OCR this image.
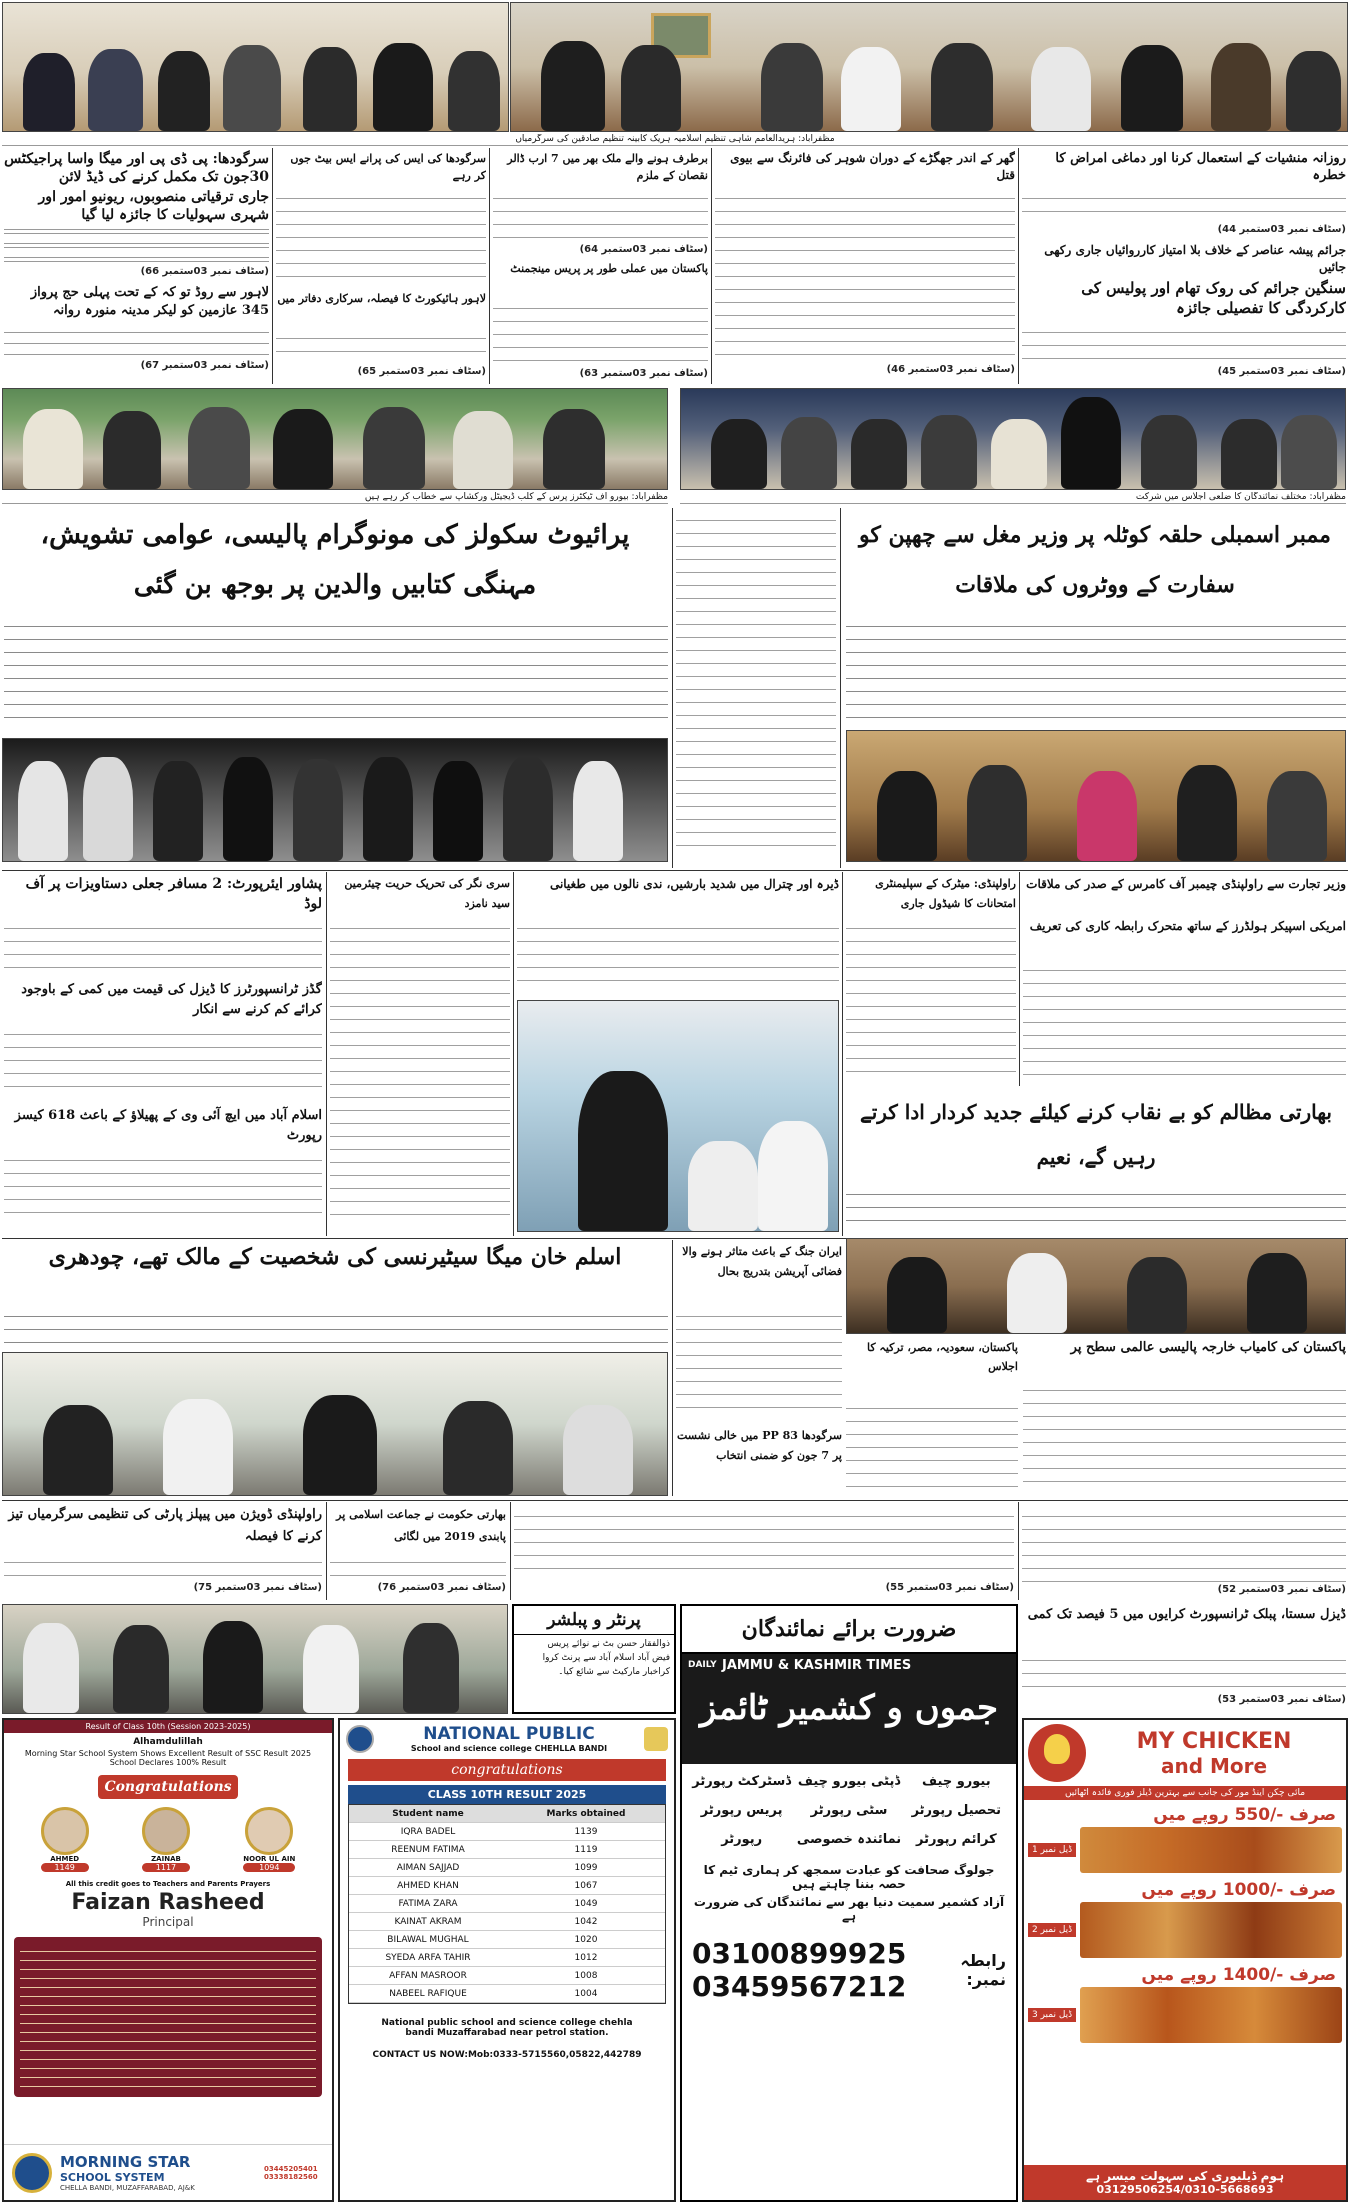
مظفرآباد: ہریدالعامم شاہی تنظیم اسلامیہ ہریک کابینہ تنظیم صادقین کی سرگرمیاں
سرگودھا: پی ڈی پی اور میگا واسا پراجیکٹس 30جون تک مکمل کرنے کی ڈیڈ لائن
جاری ترقیاتی منصوبوں، ریونیو امور اور شہری سہولیات کا جائزہ لیا گیا
(سٹاف نمبر 03ستمبر 66)
لاہور سے روڈ تو کہ کے تحت پہلی حج پرواز 345 عازمین کو لیکر مدینہ منورہ روانہ
(سٹاف نمبر 03ستمبر 67)
سرگودھا کی ایس کی پرانے ایس بیٹ جوں کر رہے
لاہور ہائیکورٹ کا فیصلہ، سرکاری دفاتر میں
(سٹاف نمبر 03ستمبر 65)
برطرف ہونے والے ملک بھر میں 7 ارب ڈالر نقصان کے ملزم
(سٹاف نمبر 03ستمبر 64)
پاکستان میں عملی طور پر پریس مینجمنٹ
(سٹاف نمبر 03ستمبر 63)
گھر کے اندر جھگڑے کے دوران شوہر کی فائرنگ سے بیوی قتل
(سٹاف نمبر 03ستمبر 46)
روزانہ منشیات کے استعمال کرنا اور دماغی امراض کا خطرہ
(سٹاف نمبر 03ستمبر 44)
جرائم پیشہ عناصر کے خلاف بلا امتیاز کارروائیاں جاری رکھی جائیں
سنگین جرائم کی روک تھام اور پولیس کی کارکردگی کا تفصیلی جائزہ
(سٹاف نمبر 03ستمبر 45)
مظفرآباد: بیورو آف ٹیکٹرز پرس کے کلب ڈیجیٹل ورکشاپ سے خطاب کر رہے ہیں	مظفرآباد: مختلف نمائندگان کا ضلعی اجلاس میں شرکت
پرائیوٹ سکولز کی مونوگرام پالیسی، عوامی تشویش، مہنگی کتابیں والدین پر بوجھ بن گئی
ممبر اسمبلی حلقہ کوٹلہ پر وزیر مغل سے چھپن کو سفارت کے ووٹروں کی ملاقات
پشاور ایئرپورٹ: 2 مسافر جعلی دستاویزات پر آف لوڈ
گڈز ٹرانسپورٹرز کا ڈیزل کی قیمت میں کمی کے باوجود کرائے کم کرنے سے انکار
اسلام آباد میں ایچ آئی وی کے پھیلاؤ کے باعث 618 کیسز رپورٹ
سری نگر کی تحریک حریت چیئرمین سید نامزد
ڈیرہ اور چترال میں شدید بارشیں، ندی نالوں میں طغیانی	راولپنڈی: میٹرک کے سپلیمنٹری امتحانات کا شیڈول جاری
وزیر تجارت سے راولپنڈی چیمبر آف کامرس کے صدر کی ملاقات
امریکی اسپیکر ہولڈرز کے ساتھ متحرک رابطہ کاری کی تعریف
بھارتی مظالم کو بے نقاب کرنے کیلئے جدید کردار ادا کرتے رہیں گے، نعیم
اسلم خان میگا سیٹیرنسی کی شخصیت کے مالک تھے، چودھری	ایران جنگ کے باعث متاثر ہونے والا فضائی آپریشن بتدریج بحال
سرگودھا PP 83 میں خالی نشست پر 7 جون کو ضمنی انتخاب
پاکستان کی کامیاب خارجہ پالیسی عالمی سطح پر
پاکستان، سعودیہ، مصر، ترکیہ کا اجلاس
راولپنڈی ڈویژن میں پیپلز پارٹی کی تنظیمی سرگرمیاں تیز کرنے کا فیصلہ
(سٹاف نمبر 03ستمبر 75)
بھارتی حکومت نے جماعت اسلامی پر پابندی 2019 میں لگائی
(سٹاف نمبر 03ستمبر 76)	(سٹاف نمبر 03ستمبر 55)	(سٹاف نمبر 03ستمبر 52)
پرنٹر و پبلشر
ذوالفقار حسن بٹ نے نوائے پریس
فیض آباد اسلام آباد سے پرنٹ کروا
کراخبار مارکیٹ سے شائع کیا۔
ضرورت برائے نمائندگان
DAILY JAMMU & KASHMIR TIMES
جموں و کشمیر ٹائمز
بیورو چیف
ڈپٹی بیورو چیف
ڈسٹرکٹ رپورٹر
تحصیل رپورٹر
سٹی رپورٹر
پریس رپورٹر
کرائم رپورٹر
نمائندہ خصوصی
رپورٹر
جولوگ صحافت کو عبادت سمجھ کر ہماری ٹیم کا حصہ بننا چاہتے ہیں
آزاد کشمیر سمیت دنیا بھر سے نمائندگان کی ضرورت ہے
رابطہ نمبر:
03100899925
03459567212
ڈیزل سستا، پبلک ٹرانسپورٹ کرایوں میں 5 فیصد تک کمی
(سٹاف نمبر 03ستمبر 53)
Result of Class 10th (Session 2023-2025)
Alhamdulillah
Morning Star School System Shows Excellent Result of SSC Result 2025 School Declares 100% Result
Congratulations
AHMED
1149
ZAINAB
1117
NOOR UL AIN
1094
All this credit goes to Teachers and Parents Prayers
Faizan Rasheed
Principal
MORNING STAR
SCHOOL SYSTEM
CHELLA BANDI, MUZAFFARABAD, AJ&K
03445205401 03338182560
NATIONAL PUBLIC
School and science college CHEHLLA BANDI
congratulations
CLASS 10TH RESULT 2025
Student name	Marks obtained
IQRA BADEL	1139
REENUM FATIMA	1119
AIMAN SAJJAD	1099
AHMED KHAN	1067
FATIMA ZARA	1049
KAINAT AKRAM	1042
BILAWAL MUGHAL	1020
SYEDA ARFA TAHIR	1012
AFFAN MASROOR	1008
NABEEL RAFIQUE	1004
National public school and science college chehla
bandi Muzaffarabad near petrol station.
CONTACT US NOW:Mob:0333-5715560,05822,442789
MY CHICKEN
and More
مائی چکن اینڈ مور کی جانب سے بہترین ڈیلز فوری فائدہ اٹھائیں
صرف -/550 روپے میں
ڈیل نمبر 1
صرف -/1000 روپے میں
ڈیل نمبر 2
صرف -/1400 روپے میں
ڈیل نمبر 3
ہوم ڈیلیوری کی سہولت میسر ہے
03129506254/0310-5668693
